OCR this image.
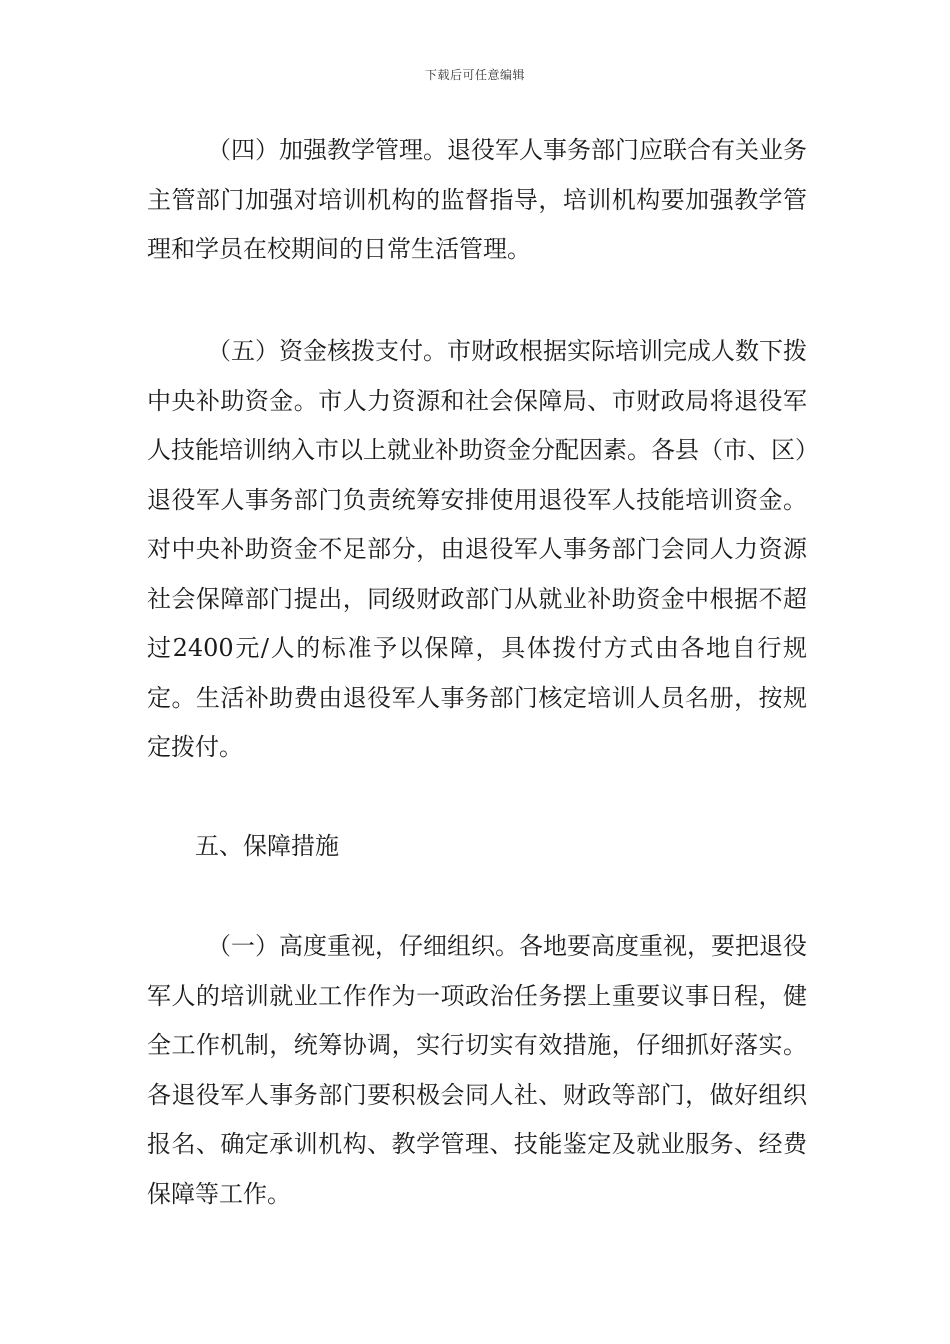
下载后可任意编辑

（四）加强教学管理。退役军人事务部门应联合有关业务主管部门加强对培训机构的监督指导，培训机构要加强教学管理和学员在校期间的日常生活管理。

（五）资金核拨支付。市财政根据实际培训完成人数下拨中央补助资金。市人力资源和社会保障局、市财政局将退役军人技能培训纳入市以上就业补助资金分配因素。各县（市、区）退役军人事务部门负责统筹安排使用退役军人技能培训资金。对中央补助资金不足部分，由退役军人事务部门会同人力资源社会保障部门提出，同级财政部门从就业补助资金中根据不超过2400元/人的标准予以保障，具体拨付方式由各地自行规定。生活补助费由退役军人事务部门核定培训人员名册，按规定拨付。

五、保障措施

（一）高度重视，仔细组织。各地要高度重视，要把退役军人的培训就业工作作为一项政治任务摆上重要议事日程，健全工作机制，统筹协调，实行切实有效措施，仔细抓好落实。各退役军人事务部门要积极会同人社、财政等部门，做好组织报名、确定承训机构、教学管理、技能鉴定及就业服务、经费保障等工作。
